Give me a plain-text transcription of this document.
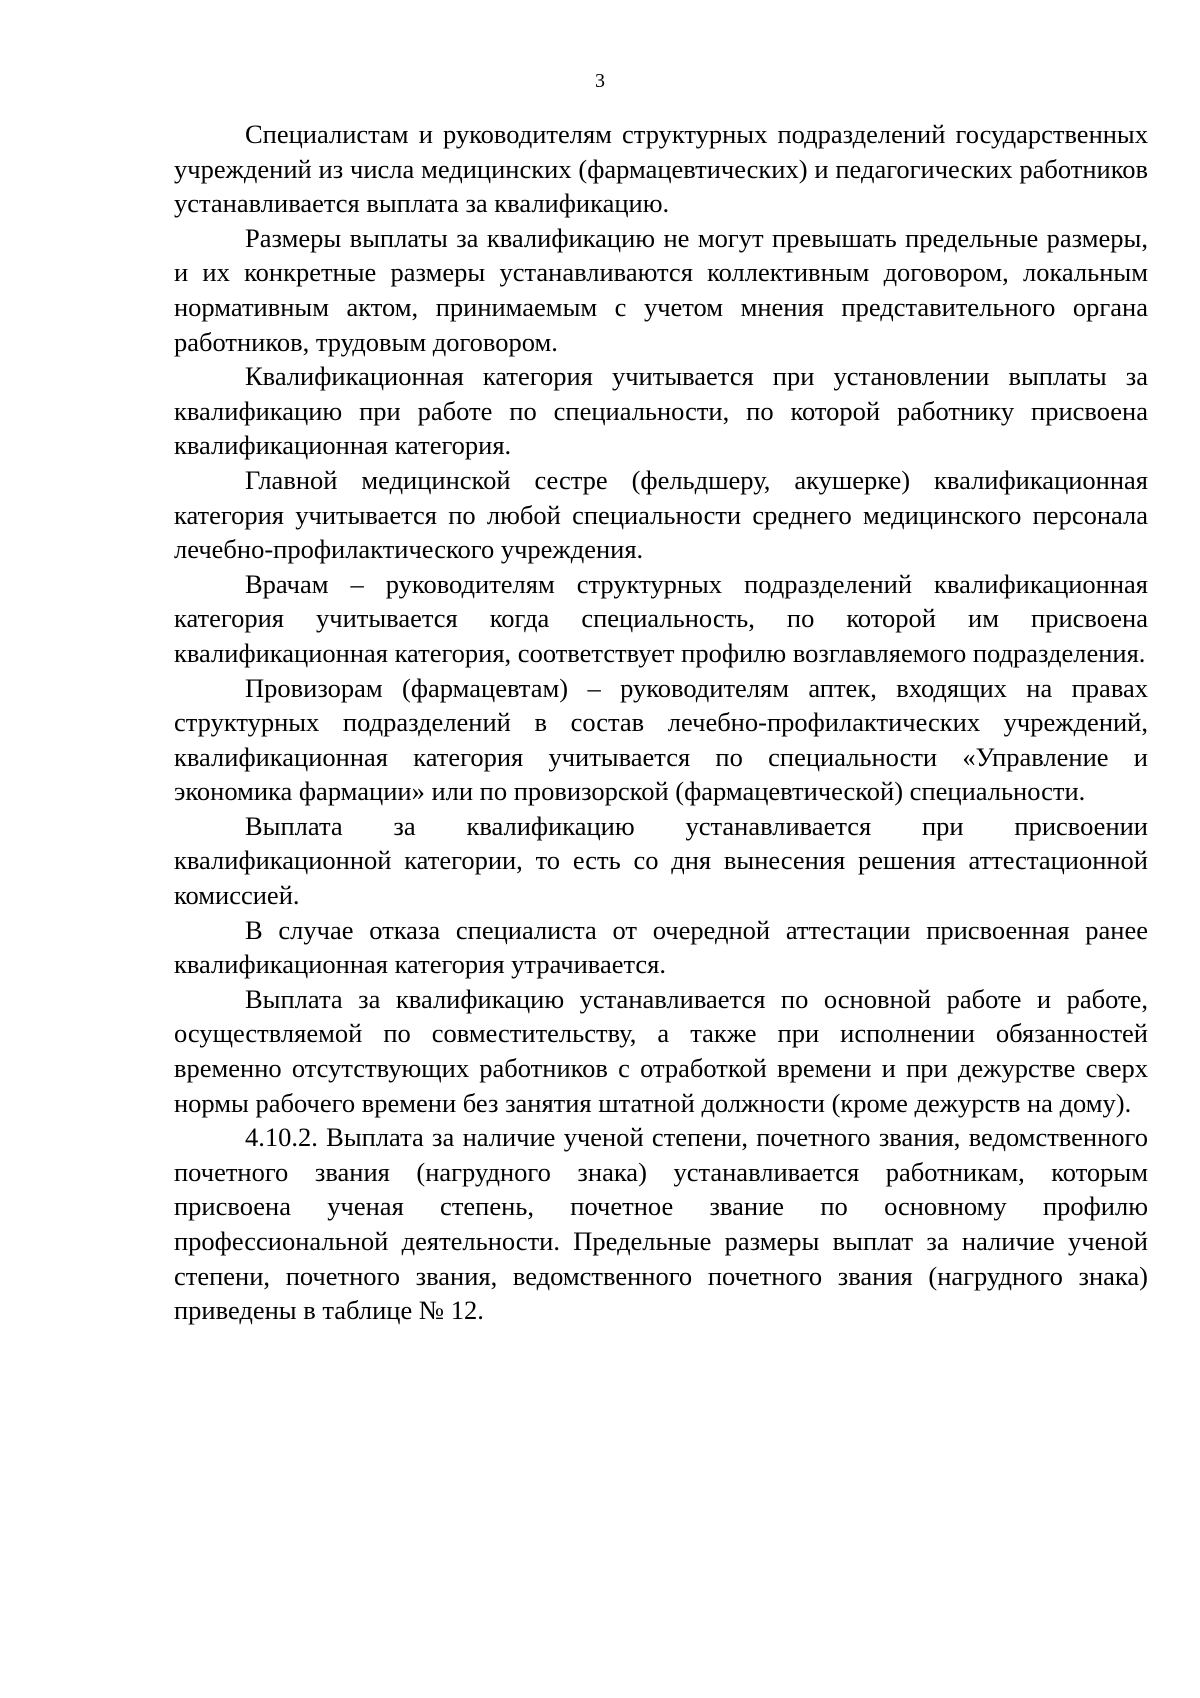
3

Специалистам и руководителям структурных подразделений государственных учреждений из числа медицинских (фармацевтических) и педагогических работников устанавливается выплата за квалификацию.

Размеры выплаты за квалификацию не могут превышать предельные размеры, и их конкретные размеры устанавливаются коллективным договором, локальным нормативным актом, принимаемым с учетом мнения представительного органа работников, трудовым договором.

Квалификационная категория учитывается при установлении выплаты за квалификацию при работе по специальности, по которой работнику присвоена квалификационная категория.

Главной медицинской сестре (фельдшеру, акушерке) квалификационная категория учитывается по любой специальности среднего медицинского персонала лечебно-профилактического учреждения.

Врачам – руководителям структурных подразделений квалификационная категория учитывается когда специальность, по которой им присвоена квалификационная категория, соответствует профилю возглавляемого подразделения.

Провизорам (фармацевтам) – руководителям аптек, входящих на правах структурных подразделений в состав лечебно-профилактических учреждений, квалификационная категория учитывается по специальности «Управление и экономика фармации» или по провизорской (фармацевтической) специальности.

Выплата за квалификацию устанавливается при присвоении квалификационной категории, то есть со дня вынесения решения аттестационной комиссией.

В случае отказа специалиста от очередной аттестации присвоенная ранее квалификационная категория утрачивается.

Выплата за квалификацию устанавливается по основной работе и работе, осуществляемой по совместительству, а также при исполнении обязанностей временно отсутствующих работников с отработкой времени и при дежурстве сверх нормы рабочего времени без занятия штатной должности (кроме дежурств на дому).

4.10.2. Выплата за наличие ученой степени, почетного звания, ведомственного почетного звания (нагрудного знака) устанавливается работникам, которым присвоена ученая степень, почетное звание по основному профилю профессиональной деятельности. Предельные размеры выплат за наличие ученой степени, почетного звания, ведомственного почетного звания (нагрудного знака) приведены в таблице № 12.
